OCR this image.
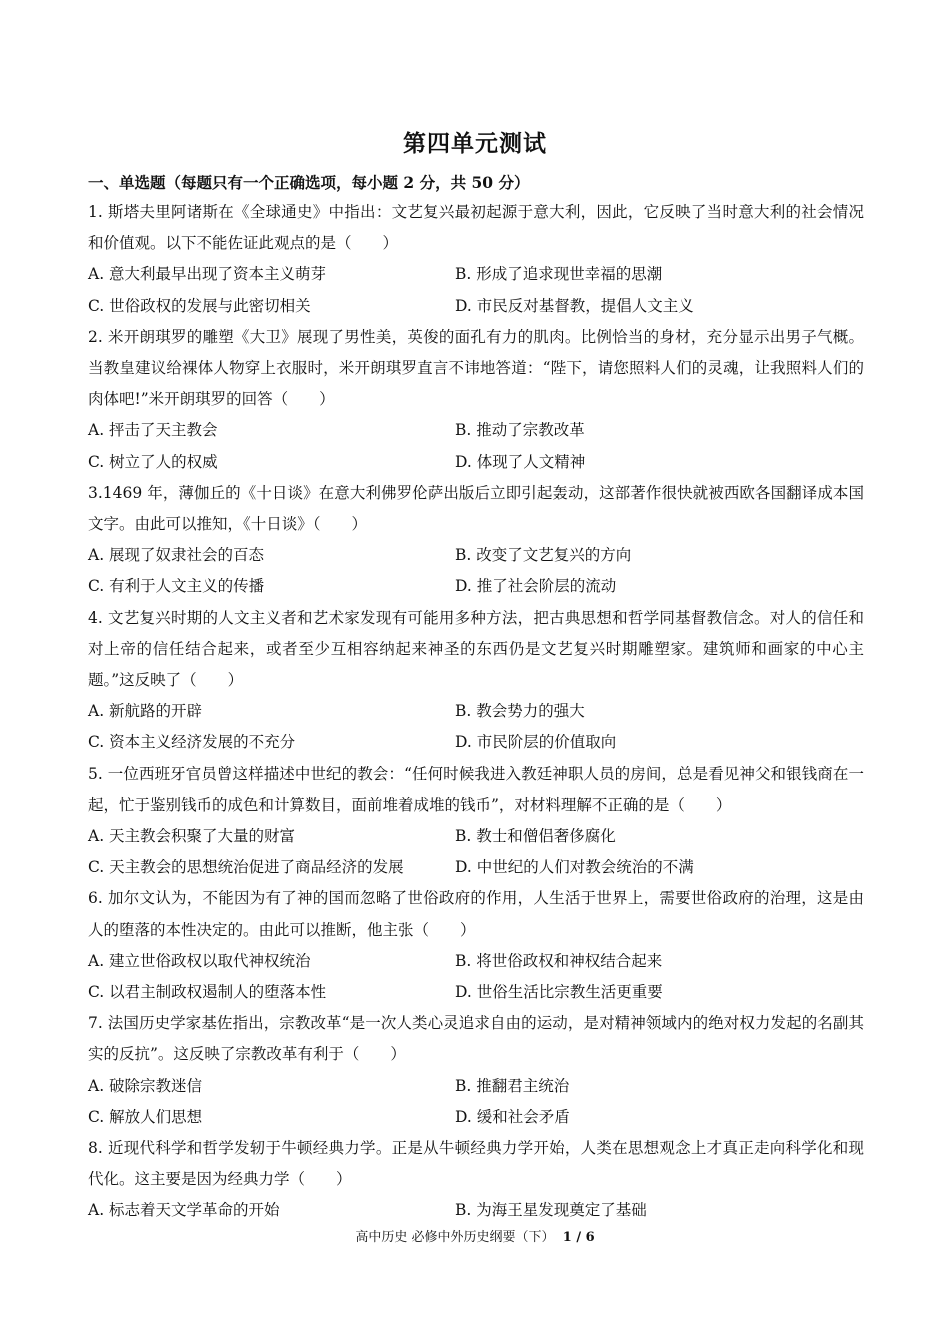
第四单元测试
一、单选题（每题只有一个正确选项，每小题 2 分，共 50 分）
1. 斯塔夫里阿诸斯在《全球通史》中指出：文艺复兴最初起源于意大利，因此，它反映了当时意大利的社会情况和价值观。以下不能佐证此观点的是（　　）
A. 意大利最早出现了资本主义萌芽	B. 形成了追求现世幸福的思潮
C. 世俗政权的发展与此密切相关	D. 市民反对基督教，提倡人文主义
2. 米开朗琪罗的雕塑《大卫》展现了男性美，英俊的面孔有力的肌肉。比例恰当的身材，充分显示出男子气概。当教皇建议给裸体人物穿上衣服时，米开朗琪罗直言不讳地答道：“陛下，请您照料人们的灵魂，让我照料人们的肉体吧!”米开朗琪罗的回答（　　）
A. 抨击了天主教会	B. 推动了宗教改革
C. 树立了人的权威	D. 体现了人文精神
3.1469 年，薄伽丘的《十日谈》在意大利佛罗伦萨出版后立即引起轰动，这部著作很快就被西欧各国翻译成本国文字。由此可以推知，《十日谈》（　　）
A. 展现了奴隶社会的百态	B. 改变了文艺复兴的方向
C. 有利于人文主义的传播	D. 推了社会阶层的流动
4. 文艺复兴时期的人文主义者和艺术家发现有可能用多种方法，把古典思想和哲学同基督教信念。对人的信任和对上帝的信任结合起来，或者至少互相容纳起来神圣的东西仍是文艺复兴时期雕塑家。建筑师和画家的中心主题。”这反映了（　　）
A. 新航路的开辟	B. 教会势力的强大
C. 资本主义经济发展的不充分	D. 市民阶层的价值取向
5. 一位西班牙官员曾这样描述中世纪的教会：“任何时候我进入教廷神职人员的房间，总是看见神父和银钱商在一起，忙于鉴别钱币的成色和计算数目，面前堆着成堆的钱币”，对材料理解不正确的是（　　）
A. 天主教会积聚了大量的财富	B. 教士和僧侣奢侈腐化
C. 天主教会的思想统治促进了商品经济的发展	D. 中世纪的人们对教会统治的不满
6. 加尔文认为，不能因为有了神的国而忽略了世俗政府的作用，人生活于世界上，需要世俗政府的治理，这是由人的堕落的本性决定的。由此可以推断，他主张（　　）
A. 建立世俗政权以取代神权统治	B. 将世俗政权和神权结合起来
C. 以君主制政权遏制人的堕落本性	D. 世俗生活比宗教生活更重要
7. 法国历史学家基佐指出，宗教改革“是一次人类心灵追求自由的运动，是对精神领域内的绝对权力发起的名副其实的反抗”。这反映了宗教改革有利于（　　）
A. 破除宗教迷信	B. 推翻君主统治
C. 解放人们思想	D. 缓和社会矛盾
8. 近现代科学和哲学发轫于牛顿经典力学。正是从牛顿经典力学开始，人类在思想观念上才真正走向科学化和现代化。这主要是因为经典力学（　　）
A. 标志着天文学革命的开始	B. 为海王星发现奠定了基础
高中历史 必修中外历史纲要（下） 1 / 6
